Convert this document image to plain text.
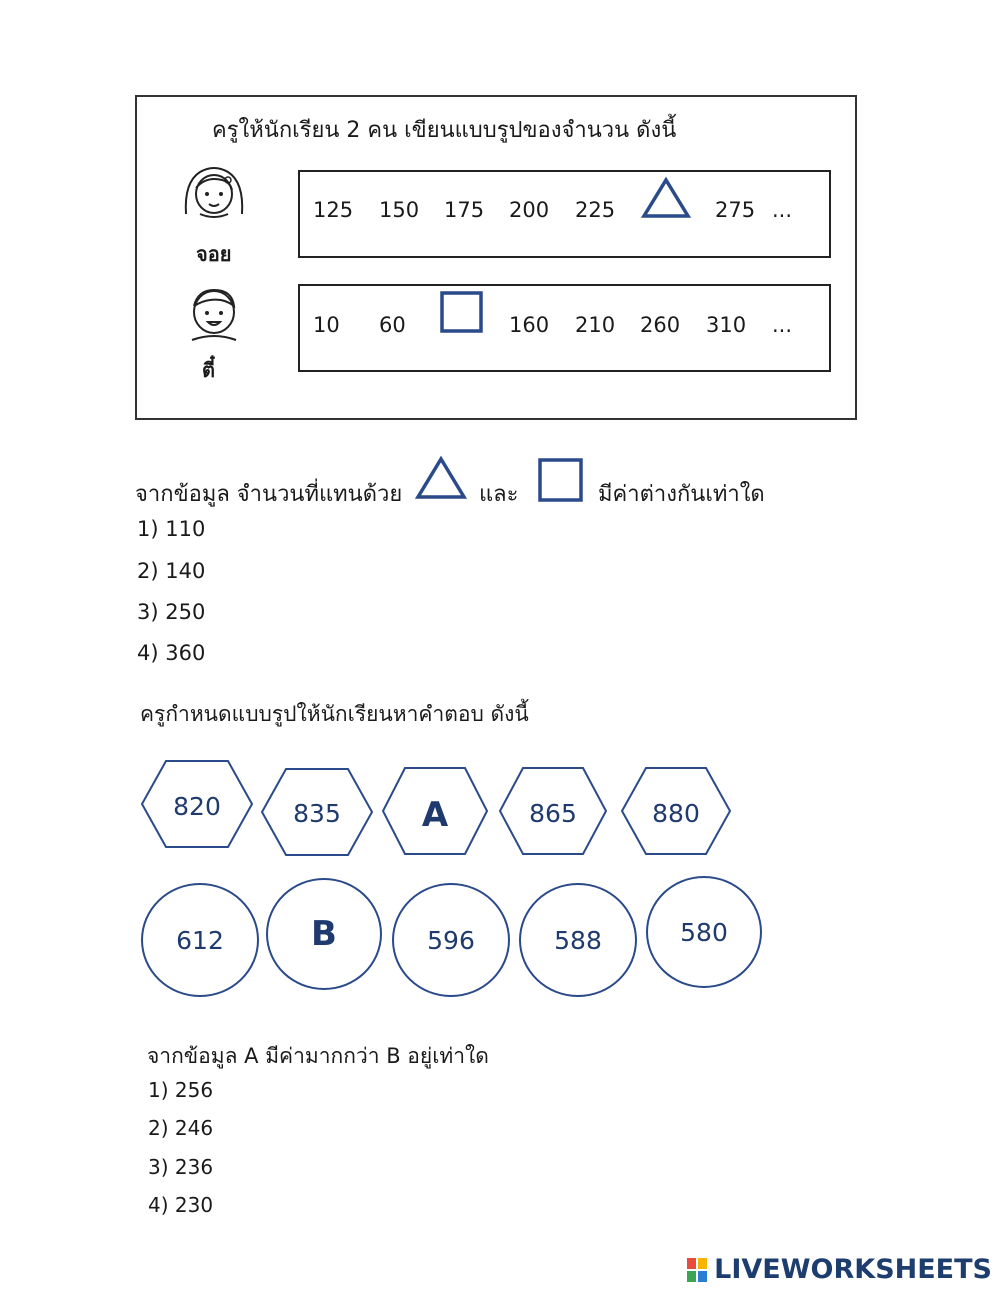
ครูให้นักเรียน 2 คน เขียนแบบรูปของจำนวน ดังนี้
จอย
125 150 175 200 225	275 ...
ตี๋
10 60	160 210 260 310 ...
จากข้อมูล จำนวนที่แทนด้วย	และ	มีค่าต่างกันเท่าใด
1) 110
2) 140
3) 250
4) 360
ครูกำหนดแบบรูปให้นักเรียนหาคำตอบ ดังนี้
820	835	A	865	880
612	B	596	588	580
จากข้อมูล A มีค่ามากกว่า B อยู่เท่าใด
1) 256
2) 246
3) 236
4) 230
LIVEWORKSHEETS
